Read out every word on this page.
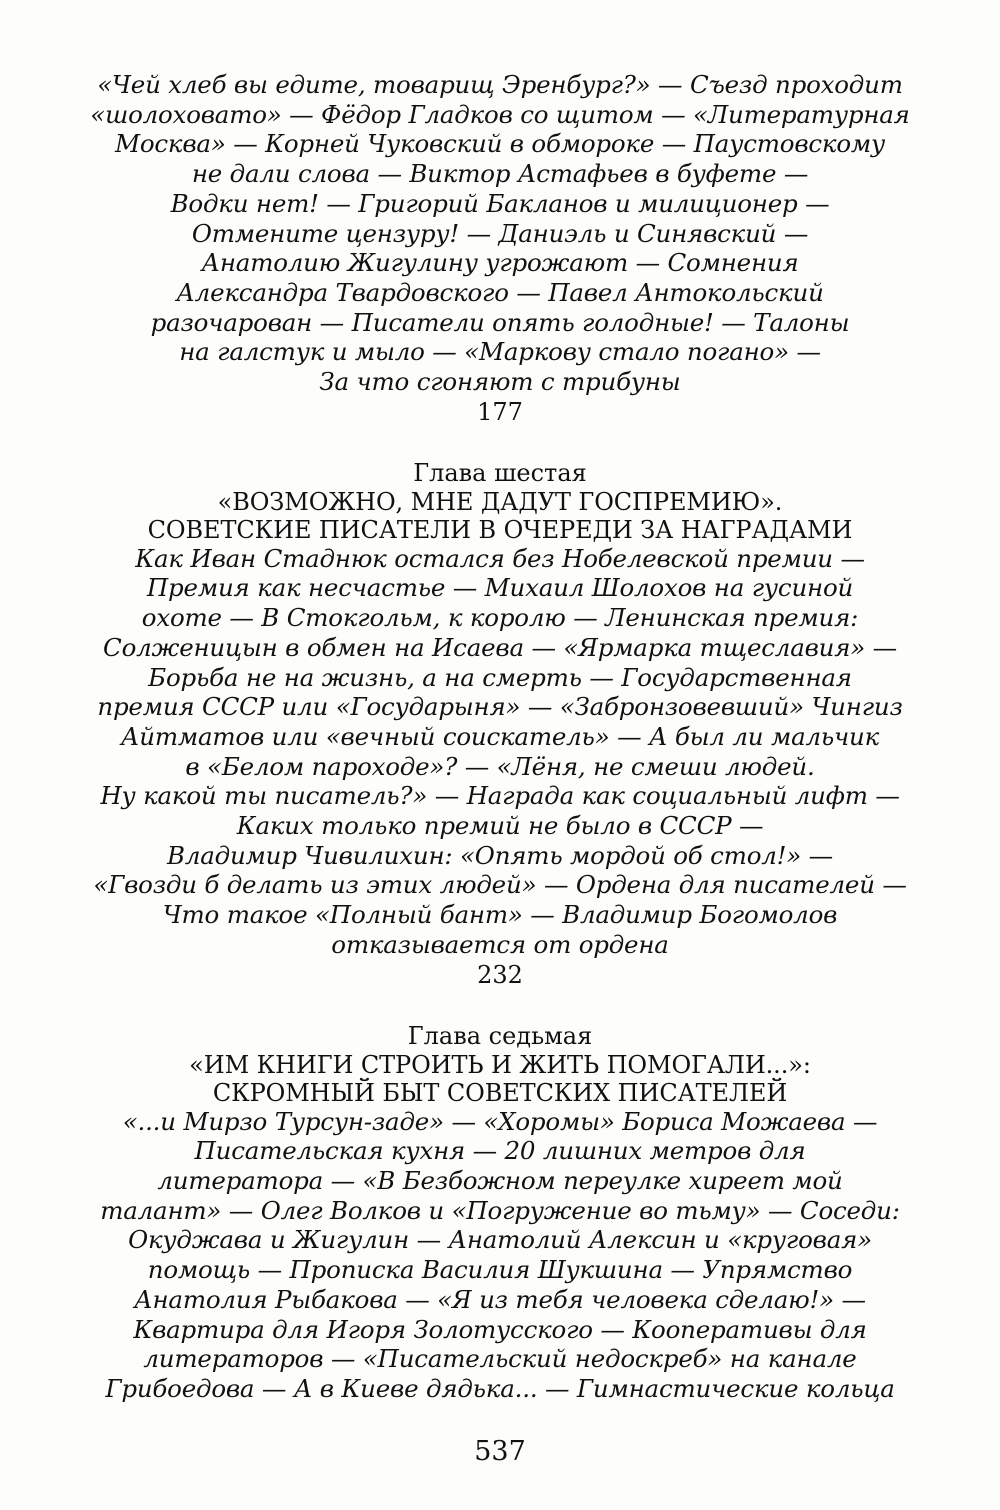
«Чей хлеб вы едите, товарищ Эренбург?» — Съезд проходит
«шолоховато» — Фёдор Гладков со щитом — «Литературная
Москва» — Корней Чуковский в обмороке — Паустовскому
не дали слова — Виктор Астафьев в буфете —
Водки нет! — Григорий Бакланов и милиционер —
Отмените цензуру! — Даниэль и Синявский —
Анатолию Жигулину угрожают — Сомнения
Александра Твардовского — Павел Антокольский
разочарован — Писатели опять голодные! — Талоны
на галстук и мыло — «Маркову стало погано» —
За что сгоняют с трибуны
177
Глава шестая
«ВОЗМОЖНО, МНЕ ДАДУТ ГОСПРЕМИЮ».
СОВЕТСКИЕ ПИСАТЕЛИ В ОЧЕРЕДИ ЗА НАГРАДАМИ
Как Иван Стаднюк остался без Нобелевской премии —
Премия как несчастье — Михаил Шолохов на гусиной
охоте — В Стокгольм, к королю — Ленинская премия:
Солженицын в обмен на Исаева — «Ярмарка тщеславия» —
Борьба не на жизнь, а на смерть — Государственная
премия СССР или «Государыня» — «Забронзовевший» Чингиз
Айтматов или «вечный соискатель» — А был ли мальчик
в «Белом пароходе»? — «Лёня, не смеши людей.
Ну какой ты писатель?» — Награда как социальный лифт —
Каких только премий не было в СССР —
Владимир Чивилихин: «Опять мордой об стол!» —
«Гвозди б делать из этих людей» — Ордена для писателей —
Что такое «Полный бант» — Владимир Богомолов
отказывается от ордена
232
Глава седьмая
«ИМ КНИГИ СТРОИТЬ И ЖИТЬ ПОМОГАЛИ...»:
СКРОМНЫЙ БЫТ СОВЕТСКИХ ПИСАТЕЛЕЙ
«...и Мирзо Турсун-заде» — «Хоромы» Бориса Можаева —
Писательская кухня — 20 лишних метров для
литератора — «В Безбожном переулке хиреет мой
талант» — Олег Волков и «Погружение во тьму» — Соседи:
Окуджава и Жигулин — Анатолий Алексин и «круговая»
помощь — Прописка Василия Шукшина — Упрямство
Анатолия Рыбакова — «Я из тебя человека сделаю!» —
Квартира для Игоря Золотусского — Кооперативы для
литераторов — «Писательский недоскреб» на канале
Грибоедова — А в Киеве дядька... — Гимнастические кольца
537
